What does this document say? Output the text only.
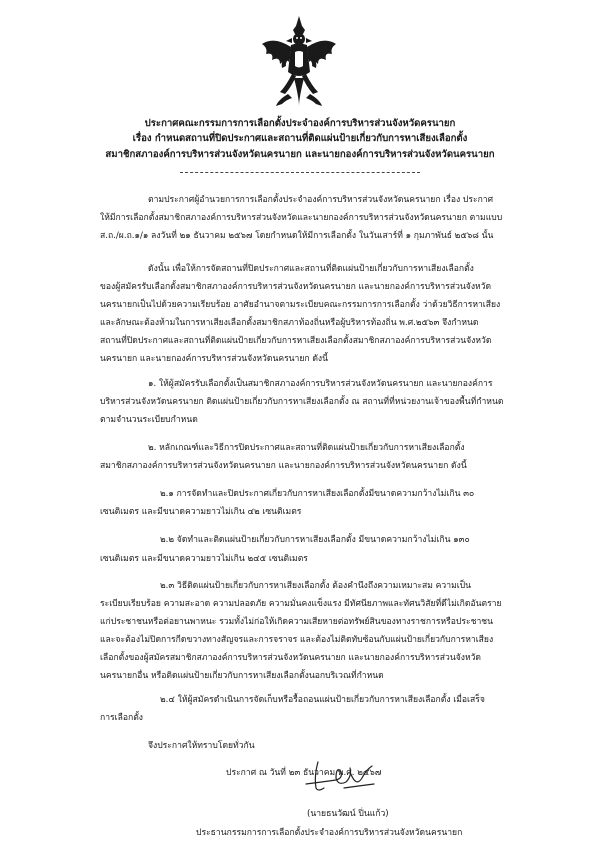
ประกาศคณะกรรมการการเลือกตั้งประจำองค์การบริหารส่วนจังหวัดครนายก
เรื่อง กำหนดสถานที่ปิดประกาศและสถานที่ติดแผ่นป้ายเกี่ยวกับการหาเสียงเลือกตั้ง
สมาชิกสภาองค์การบริหารส่วนจังหวัดนครนายก และนายกองค์การบริหารส่วนจังหวัดนครนายก
ตามประกาศผู้อำนวยการการเลือกตั้งประจำองค์การบริหารส่วนจังหวัดนครนายก เรื่อง ประกาศ
ให้มีการเลือกตั้งสมาชิกสภาองค์การบริหารส่วนจังหวัดและนายกองค์การบริหารส่วนจังหวัดนครนายก ตามแบบ
ส.ถ./ผ.ถ.๑/๑ ลงวันที่ ๒๑ ธันวาคม ๒๕๖๗ โดยกำหนดให้มีการเลือกตั้ง ในวันเสาร์ที่ ๑ กุมภาพันธ์ ๒๕๖๘ นั้น
ดังนั้น เพื่อให้การจัดสถานที่ปิดประกาศและสถานที่ติดแผ่นป้ายเกี่ยวกับการหาเสียงเลือกตั้ง
ของผู้สมัครรับเลือกตั้งสมาชิกสภาองค์การบริหารส่วนจังหวัดนครนายก และนายกองค์การบริหารส่วนจังหวัด
นครนายกเป็นไปด้วยความเรียบร้อย อาศัยอำนาจตามระเบียบคณะกรรมการการเลือกตั้ง ว่าด้วยวิธีการหาเสียง
และลักษณะต้องห้ามในการหาเสียงเลือกตั้งสมาชิกสภาท้องถิ่นหรือผู้บริหารท้องถิ่น พ.ศ.๒๕๖๓ จึงกำหนด
สถานที่ปิดประกาศและสถานที่ติดแผ่นป้ายเกี่ยวกับการหาเสียงเลือกตั้งสมาชิกสภาองค์การบริหารส่วนจังหวัด
นครนายก และนายกองค์การบริหารส่วนจังหวัดนครนายก ดังนี้
๑. ให้ผู้สมัครรับเลือกตั้งเป็นสมาชิกสภาองค์การบริหารส่วนจังหวัดนครนายก และนายกองค์การ
บริหารส่วนจังหวัดนครนายก ติดแผ่นป้ายเกี่ยวกับการหาเสียงเลือกตั้ง ณ สถานที่ที่หน่วยงานเจ้าของพื้นที่กำหนด
ตามจำนวนระเบียบกำหนด
๒. หลักเกณฑ์และวิธีการปิดประกาศและสถานที่ติดแผ่นป้ายเกี่ยวกับการหาเสียงเลือกตั้ง
สมาชิกสภาองค์การบริหารส่วนจังหวัดนครนายก และนายกองค์การบริหารส่วนจังหวัดนครนายก ดังนี้
๒.๑ การจัดทำและปิดประกาศเกี่ยวกับการหาเสียงเลือกตั้งมีขนาดความกว้างไม่เกิน ๓๐
เซนติเมตร และมีขนาดความยาวไม่เกิน ๔๒ เซนติเมตร
๒.๒ จัดทำและติดแผ่นป้ายเกี่ยวกับการหาเสียงเลือกตั้ง มีขนาดความกว้างไม่เกิน ๑๓๐
เซนติเมตร และมีขนาดความยาวไม่เกิน ๒๔๕ เซนติเมตร
๒.๓ วิธีติดแผ่นป้ายเกี่ยวกับการหาเสียงเลือกตั้ง ต้องคำนึงถึงความเหมาะสม ความเป็น
ระเบียบเรียบร้อย ความสะอาด ความปลอดภัย ความมั่นคงแข็งแรง มีทัศนียภาพและทัศนวิสัยที่ดีไม่เกิดอันตราย
แก่ประชาชนหรือต่อยานพาหนะ รวมทั้งไม่ก่อให้เกิดความเสียหายต่อทรัพย์สินของทางราชการหรือประชาชน
และจะต้องไม่ปิดการกีดขวางทางสัญจรและการจราจร และต้องไม่ติดทับซ้อนกับแผ่นป้ายเกี่ยวกับการหาเสียง
เลือกตั้งของผู้สมัครสมาชิกสภาองค์การบริหารส่วนจังหวัดนครนายก และนายกองค์การบริหารส่วนจังหวัด
นครนายกอื่น หรือติดแผ่นป้ายเกี่ยวกับการหาเสียงเลือกตั้งนอกบริเวณที่กำหนด
๒.๔ ให้ผู้สมัครดำเนินการจัดเก็บหรือรื้อถอนแผ่นป้ายเกี่ยวกับการหาเสียงเลือกตั้ง เมื่อเสร็จ
การเลือกตั้ง
จึงประกาศให้ทราบโดยทั่วกัน
ประกาศ ณ วันที่ ๒๓ ธันวาคม พ.ศ. ๒๕๖๗
(นายธนวัฒน์ ปิ่นแก้ว)
ประธานกรรมการการเลือกตั้งประจำองค์การบริหารส่วนจังหวัดนครนายก
